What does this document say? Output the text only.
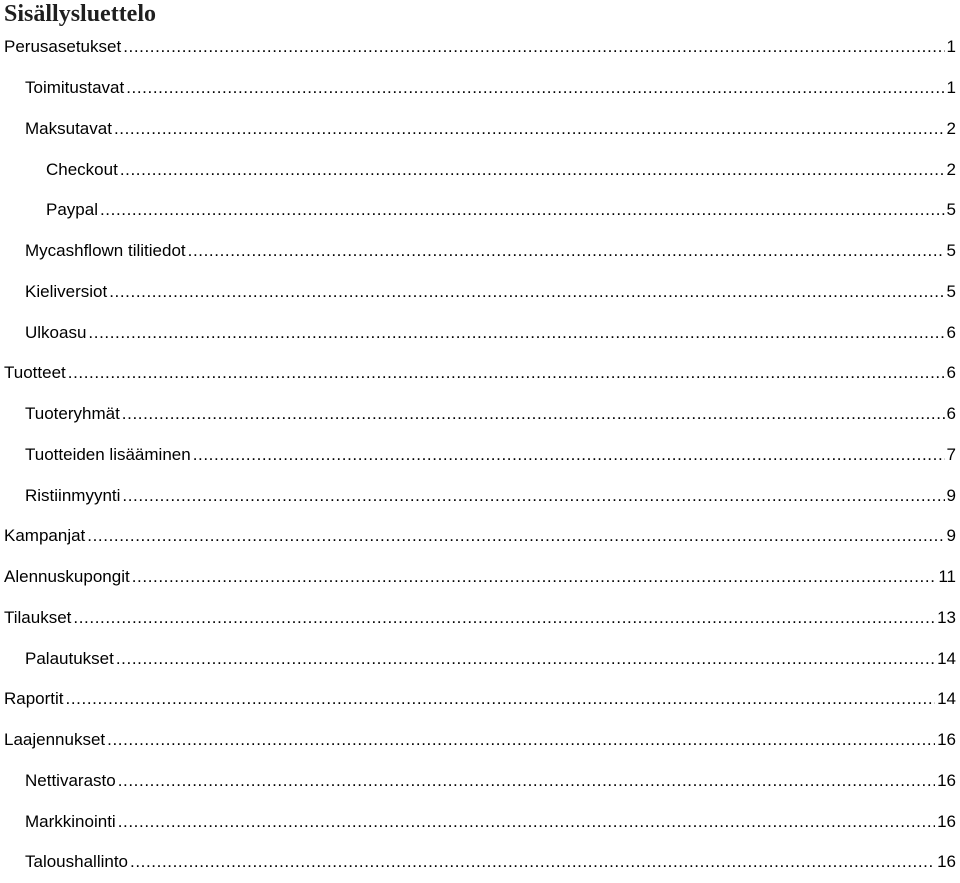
Sisällysluettelo
Perusasetukset .....	1
Toimitustavat .....	1
Maksutavat .....	2
Checkout .....	2
Paypal .....	5
Mycashflown tilitiedot .....	5
Kieliversiot .....	5
Ulkoasu .....	6
Tuotteet .....	6
Tuoteryhmät .....	6
Tuotteiden lisääminen .....	7
Ristiinmyynti .....	9
Kampanjat .....	9
Alennuskupongit .....	11
Tilaukset .....	13
Palautukset .....	14
Raportit .....	14
Laajennukset .....	16
Nettivarasto .....	16
Markkinointi .....	16
Taloushallinto .....	16
